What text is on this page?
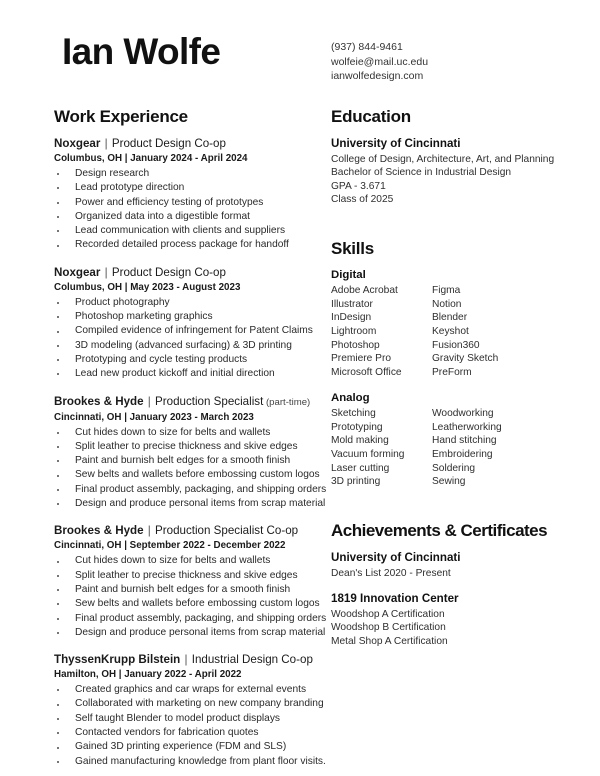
Ian Wolfe	(937) 844-9461
wolfeie@mail.uc.edu
ianwolfedesign.com
Work Experience
Noxgear | Product Design Co-op
Columbus, OH | January 2024 - April 2024
Design research
Lead prototype direction
Power and efficiency testing of prototypes
Organized data into a digestible format
Lead communication with clients and suppliers
Recorded detailed process package for handoff
Noxgear | Product Design Co-op
Columbus, OH | May 2023 - August 2023
Product photography
Photoshop marketing graphics
Compiled evidence of infringement for Patent Claims
3D modeling (advanced surfacing) & 3D printing
Prototyping and cycle testing products
Lead new product kickoff and initial direction
Brookes & Hyde | Production Specialist (part-time)
Cincinnati, OH | January 2023 - March 2023
Cut hides down to size for belts and wallets
Split leather to precise thickness and skive edges
Paint and burnish belt edges for a smooth finish
Sew belts and wallets before embossing custom logos
Final product assembly, packaging, and shipping orders
Design and produce personal items from scrap material
Brookes & Hyde | Production Specialist Co-op
Cincinnati, OH | September 2022 - December 2022
Cut hides down to size for belts and wallets
Split leather to precise thickness and skive edges
Paint and burnish belt edges for a smooth finish
Sew belts and wallets before embossing custom logos
Final product assembly, packaging, and shipping orders
Design and produce personal items from scrap material
ThyssenKrupp Bilstein | Industrial Design Co-op
Hamilton, OH | January 2022 - April 2022
Created graphics and car wraps for external events
Collaborated with marketing on new company branding
Self taught Blender to model product displays
Contacted vendors for fabrication quotes
Gained 3D printing experience (FDM and SLS)
Gained manufacturing knowledge from plant floor visits.
Education
University of Cincinnati
College of Design, Architecture, Art, and Planning
Bachelor of Science in Industrial Design
GPA - 3.671
Class of 2025
Skills
Digital
Adobe Acrobat
Illustrator
InDesign
Lightroom
Photoshop
Premiere Pro
Microsoft Office
Figma
Notion
Blender
Keyshot
Fusion360
Gravity Sketch
PreForm
Analog
Sketching
Prototyping
Mold making
Vacuum forming
Laser cutting
3D printing
Woodworking
Leatherworking
Hand stitching
Embroidering
Soldering
Sewing
Achievements & Certificates
University of Cincinnati
Dean's List 2020 - Present
1819 Innovation Center
Woodshop A Certification
Woodshop B Certification
Metal Shop A Certification
